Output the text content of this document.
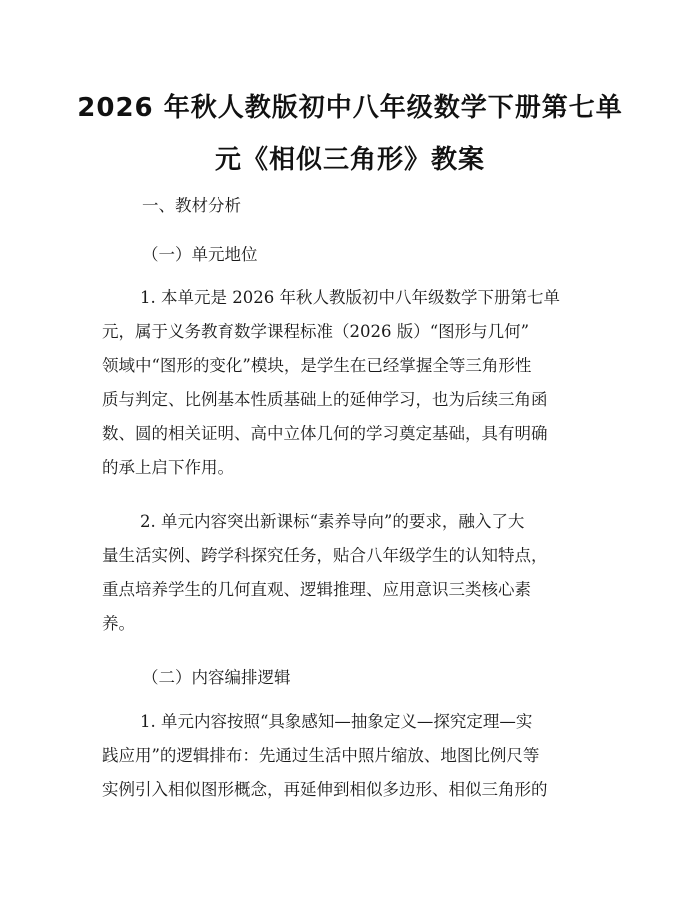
2026 年秋人教版初中八年级数学下册第七单
元《相似三角形》教案
一、教材分析
（一）单元地位
1. 本单元是 2026 年秋人教版初中八年级数学下册第七单
元，属于义务教育数学课程标准（2026 版）“图形与几何”
领域中“图形的变化”模块，是学生在已经掌握全等三角形性
质与判定、比例基本性质基础上的延伸学习，也为后续三角函
数、圆的相关证明、高中立体几何的学习奠定基础，具有明确
的承上启下作用。
2. 单元内容突出新课标“素养导向”的要求，融入了大
量生活实例、跨学科探究任务，贴合八年级学生的认知特点，
重点培养学生的几何直观、逻辑推理、应用意识三类核心素
养。
（二）内容编排逻辑
1. 单元内容按照“具象感知—抽象定义—探究定理—实
践应用”的逻辑排布：先通过生活中照片缩放、地图比例尺等
实例引入相似图形概念，再延伸到相似多边形、相似三角形的
